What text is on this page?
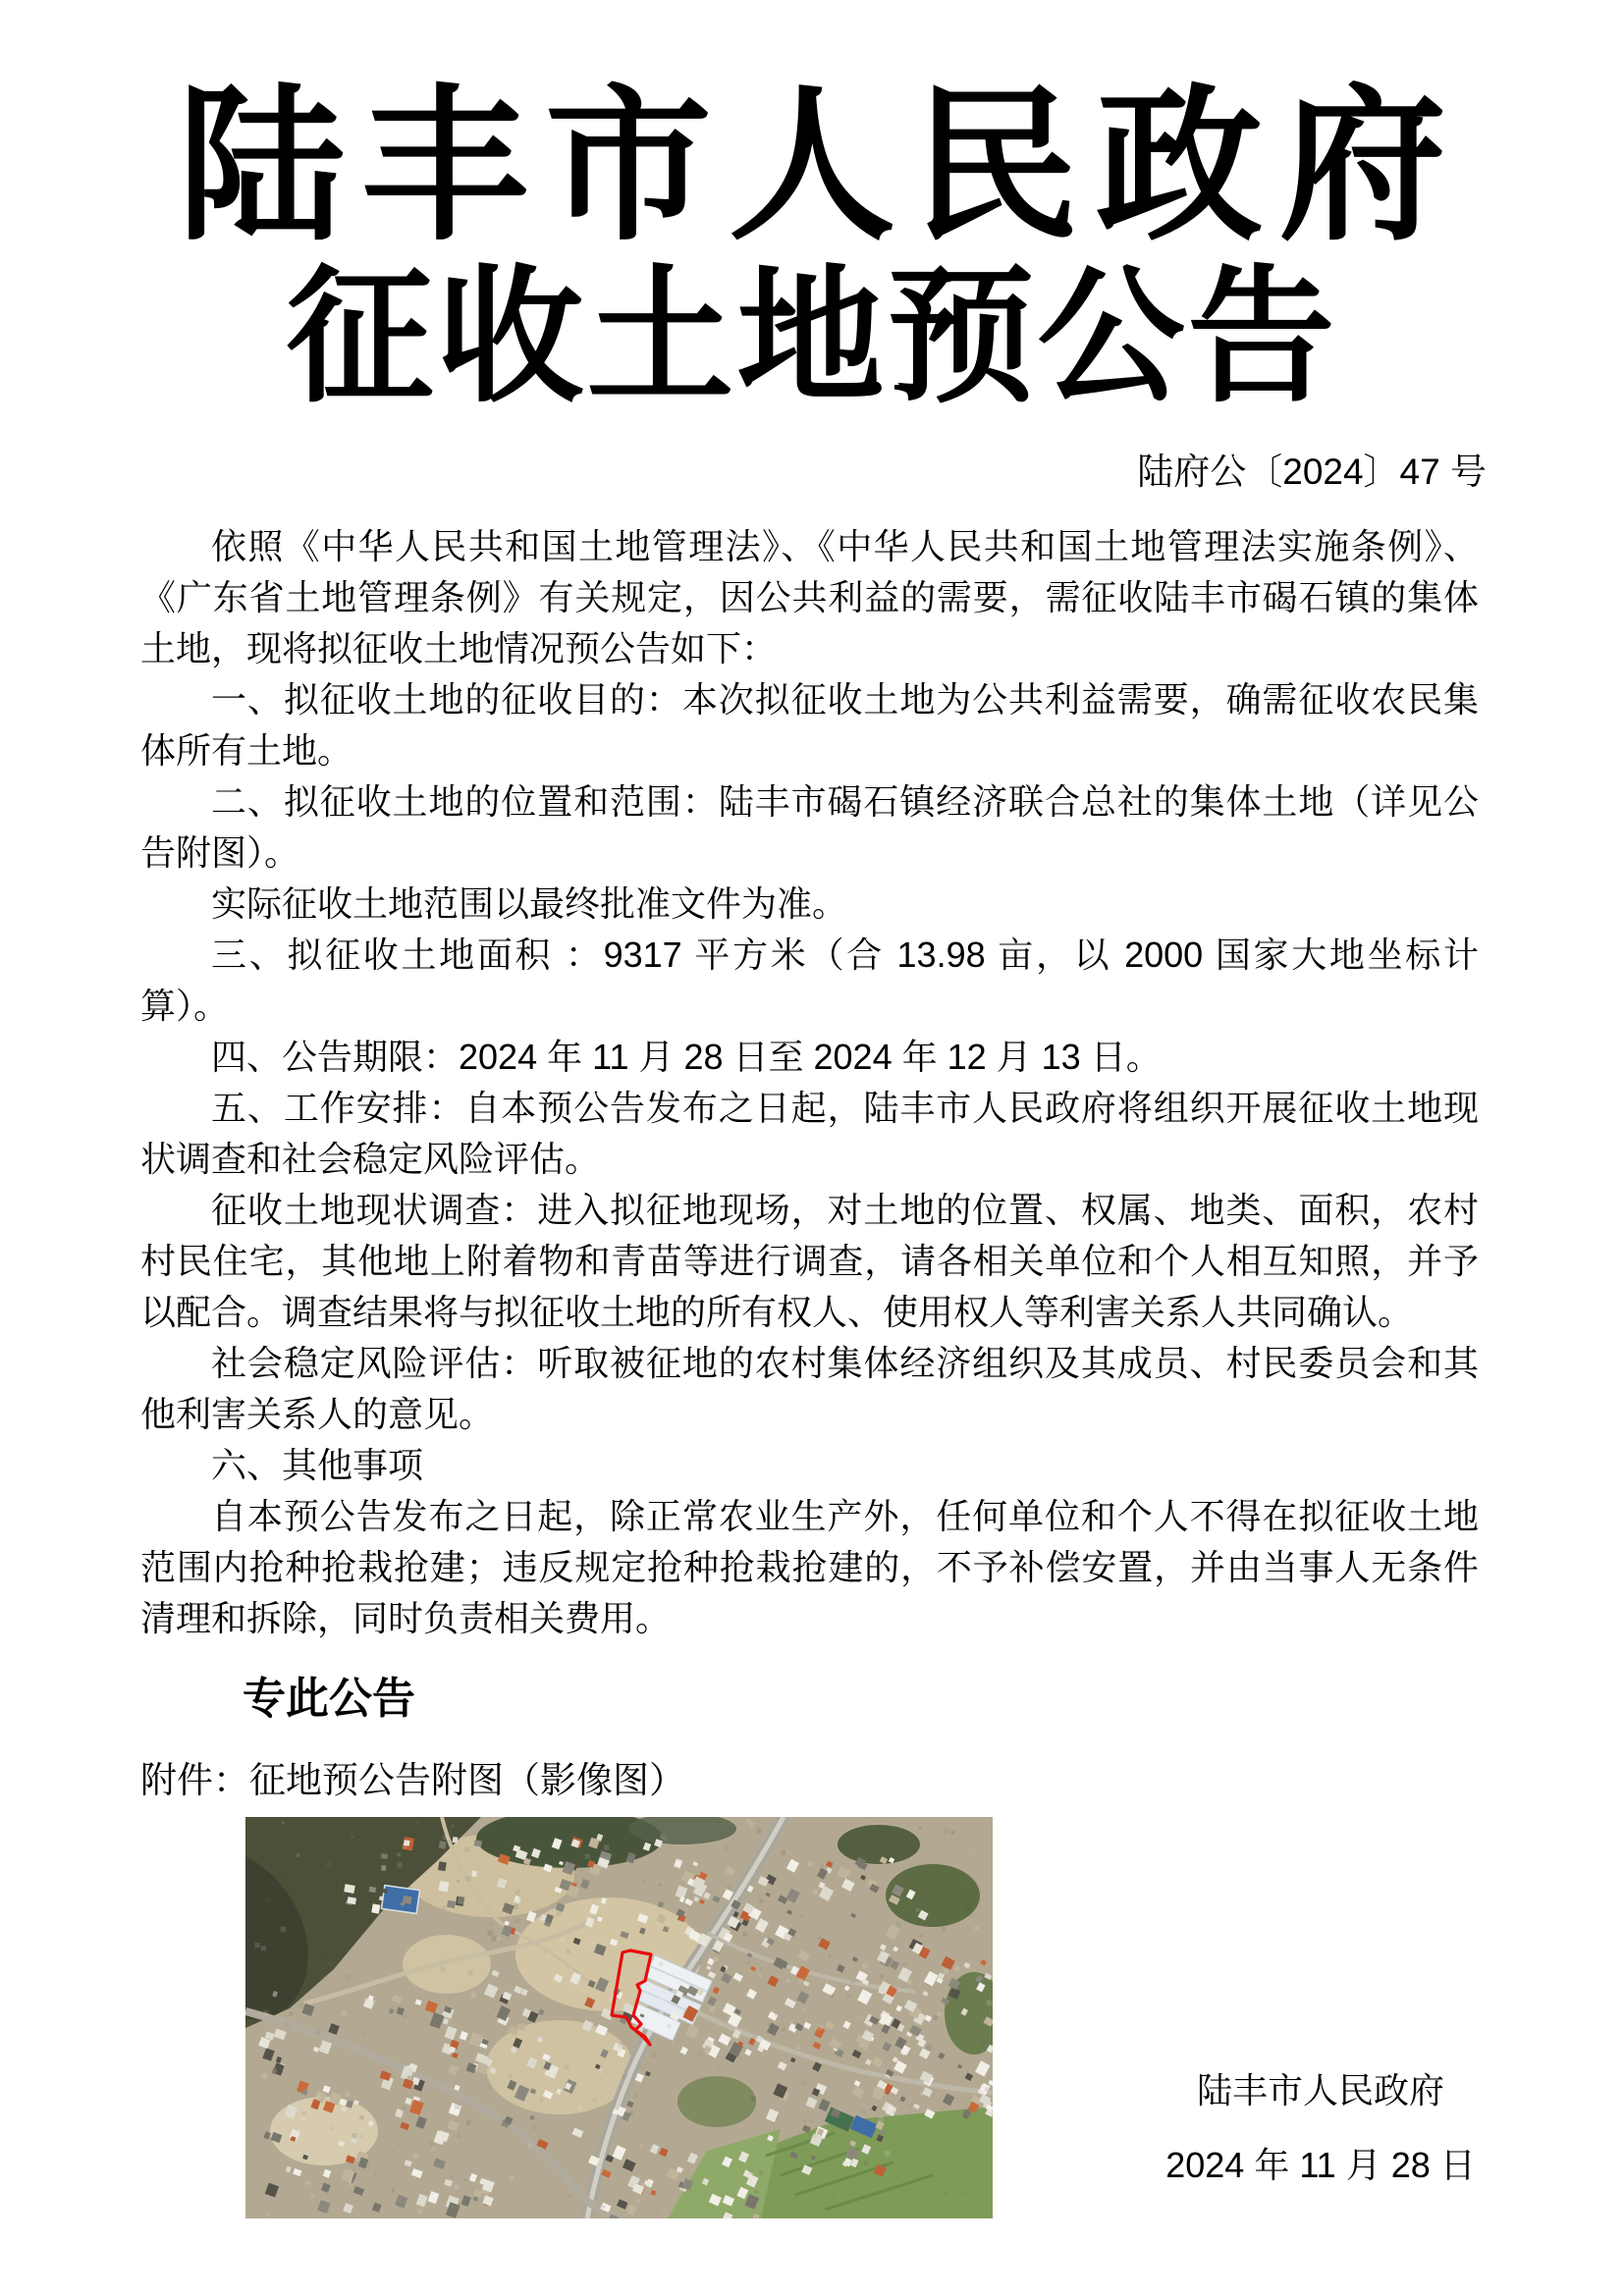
陆丰市人民政府
征收土地预公告
陆府公〔2024〕47 号

依照《中华人民共和国土地管理法》、《中华人民共和国土地管理法实施条例》、《广东省土地管理条例》有关规定，因公共利益的需要，需征收陆丰市碣石镇的集体土地，现将拟征收土地情况预公告如下：

一、拟征收土地的征收目的：本次拟征收土地为公共利益需要，确需征收农民集体所有土地。

二、拟征收土地的位置和范围：陆丰市碣石镇经济联合总社的集体土地（详见公告附图）。

实际征收土地范围以最终批准文件为准。

三、拟征收土地面积 ：9317 平方米（合 13.98 亩，以 2000 国家大地坐标计算）。

四、公告期限：2024 年 11 月 28 日至 2024 年 12 月 13 日。

五、工作安排：自本预公告发布之日起，陆丰市人民政府将组织开展征收土地现状调查和社会稳定风险评估。

征收土地现状调查：进入拟征地现场，对土地的位置、权属、地类、面积，农村村民住宅，其他地上附着物和青苗等进行调查，请各相关单位和个人相互知照，并予以配合。调查结果将与拟征收土地的所有权人、使用权人等利害关系人共同确认。

社会稳定风险评估：听取被征地的农村集体经济组织及其成员、村民委员会和其他利害关系人的意见。

六、其他事项

自本预公告发布之日起，除正常农业生产外，任何单位和个人不得在拟征收土地范围内抢种抢栽抢建；违反规定抢种抢栽抢建的，不予补偿安置，并由当事人无条件清理和拆除，同时负责相关费用。

专此公告

附件：征地预公告附图（影像图）

陆丰市人民政府
2024 年 11 月 28 日
